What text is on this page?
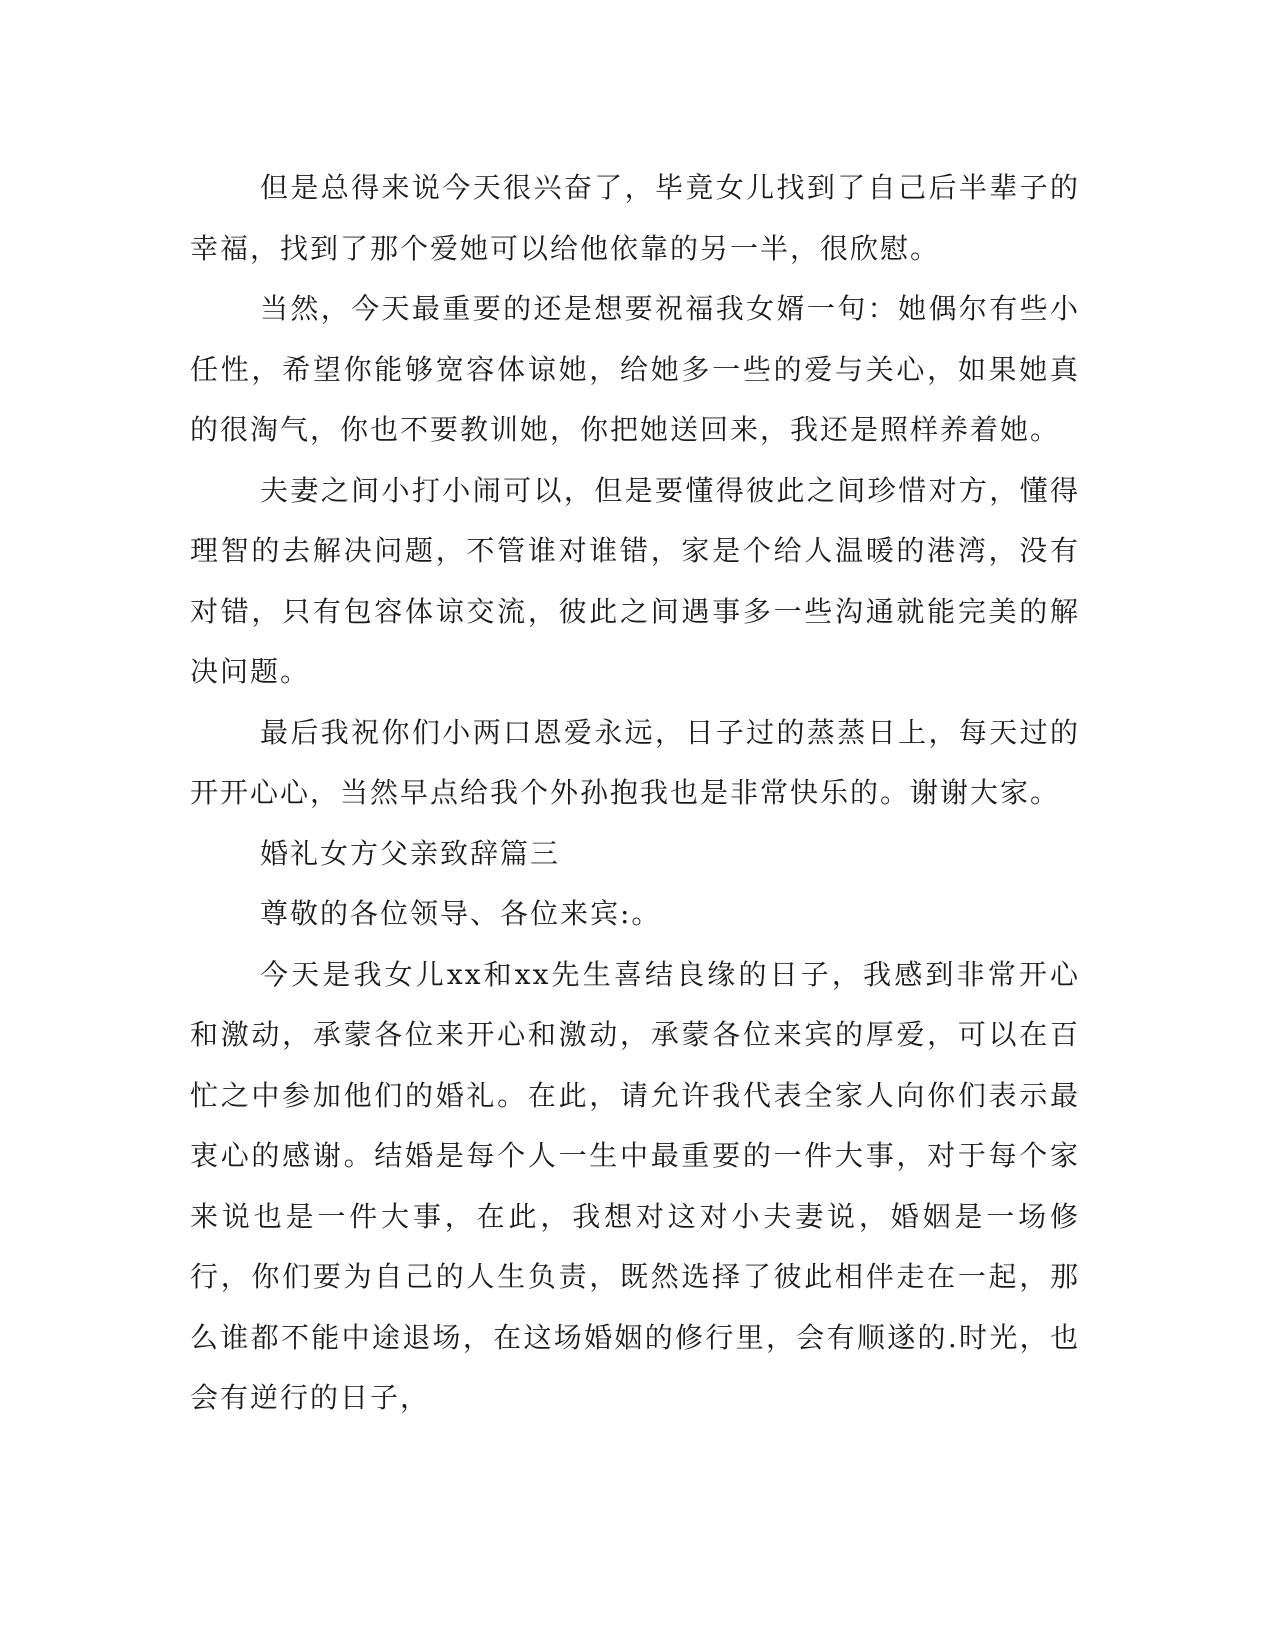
但是总得来说今天很兴奋了，毕竟女儿找到了自己后半辈子的幸福，找到了那个爱她可以给他依靠的另一半，很欣慰。

当然，今天最重要的还是想要祝福我女婿一句：她偶尔有些小任性，希望你能够宽容体谅她，给她多一些的爱与关心，如果她真的很淘气，你也不要教训她，你把她送回来，我还是照样养着她。

夫妻之间小打小闹可以，但是要懂得彼此之间珍惜对方，懂得理智的去解决问题，不管谁对谁错，家是个给人温暖的港湾，没有对错，只有包容体谅交流，彼此之间遇事多一些沟通就能完美的解决问题。

最后我祝你们小两口恩爱永远，日子过的蒸蒸日上，每天过的开开心心，当然早点给我个外孙抱我也是非常快乐的。谢谢大家。

婚礼女方父亲致辞篇三

尊敬的各位领导、各位来宾:。

今天是我女儿xx和xx先生喜结良缘的日子，我感到非常开心和激动，承蒙各位来开心和激动，承蒙各位来宾的厚爱，可以在百忙之中参加他们的婚礼。在此，请允许我代表全家人向你们表示最衷心的感谢。结婚是每个人一生中最重要的一件大事，对于每个家来说也是一件大事，在此，我想对这对小夫妻说，婚姻是一场修行，你们要为自己的人生负责，既然选择了彼此相伴走在一起，那么谁都不能中途退场，在这场婚姻的修行里，会有顺遂的.时光，也会有逆行的日子，
